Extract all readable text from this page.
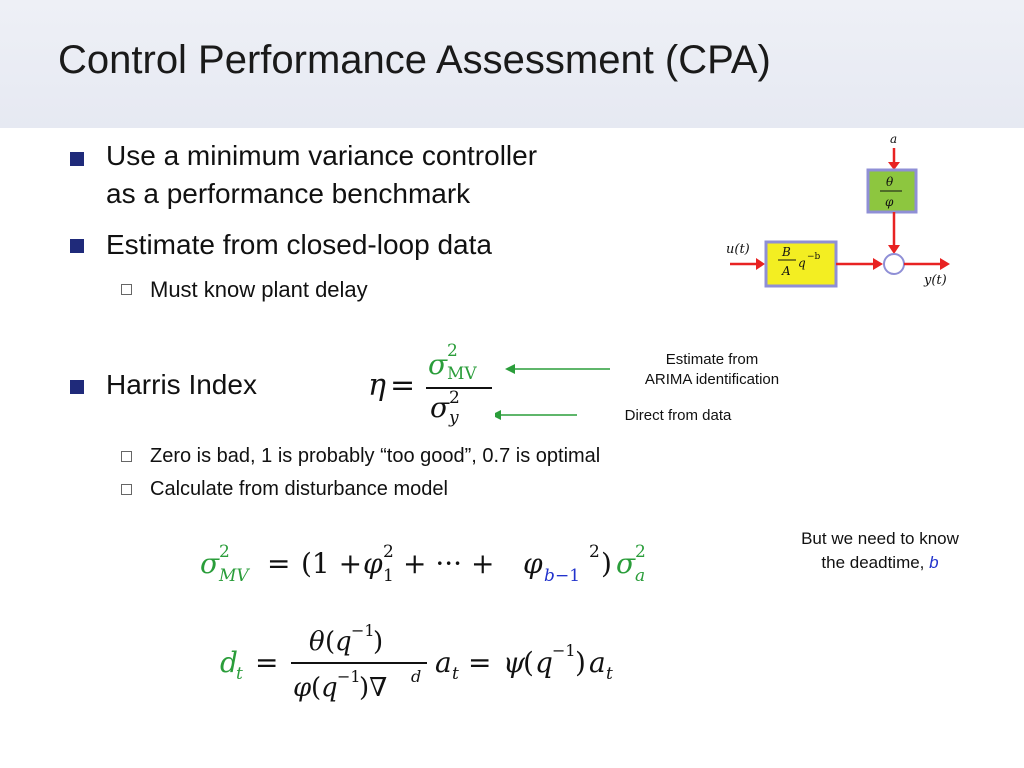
Control Performance Assessment (CPA)
Use a minimum variance controller
as a performance benchmark
Estimate from closed-loop data
Must know plant delay
Harris Index	η =
σ 2
MV
σ 2
y
Estimate from
ARIMA identification
Direct from data
Zero is bad, 1 is probably “too good”, 0.7 is optimal
Calculate from disturbance model
But we need to know
the deadtime, b
σ 2
MV = (1 + φ 2
1 + ··· + φ b −1
2 ) σ 2
a
d
t =
θ ( q −1
)
φ ( q −1
)∇ d a t = ψ
( q −1 ) a t
a
θ
φ
u(t)	B
A
q −b
y(t)
